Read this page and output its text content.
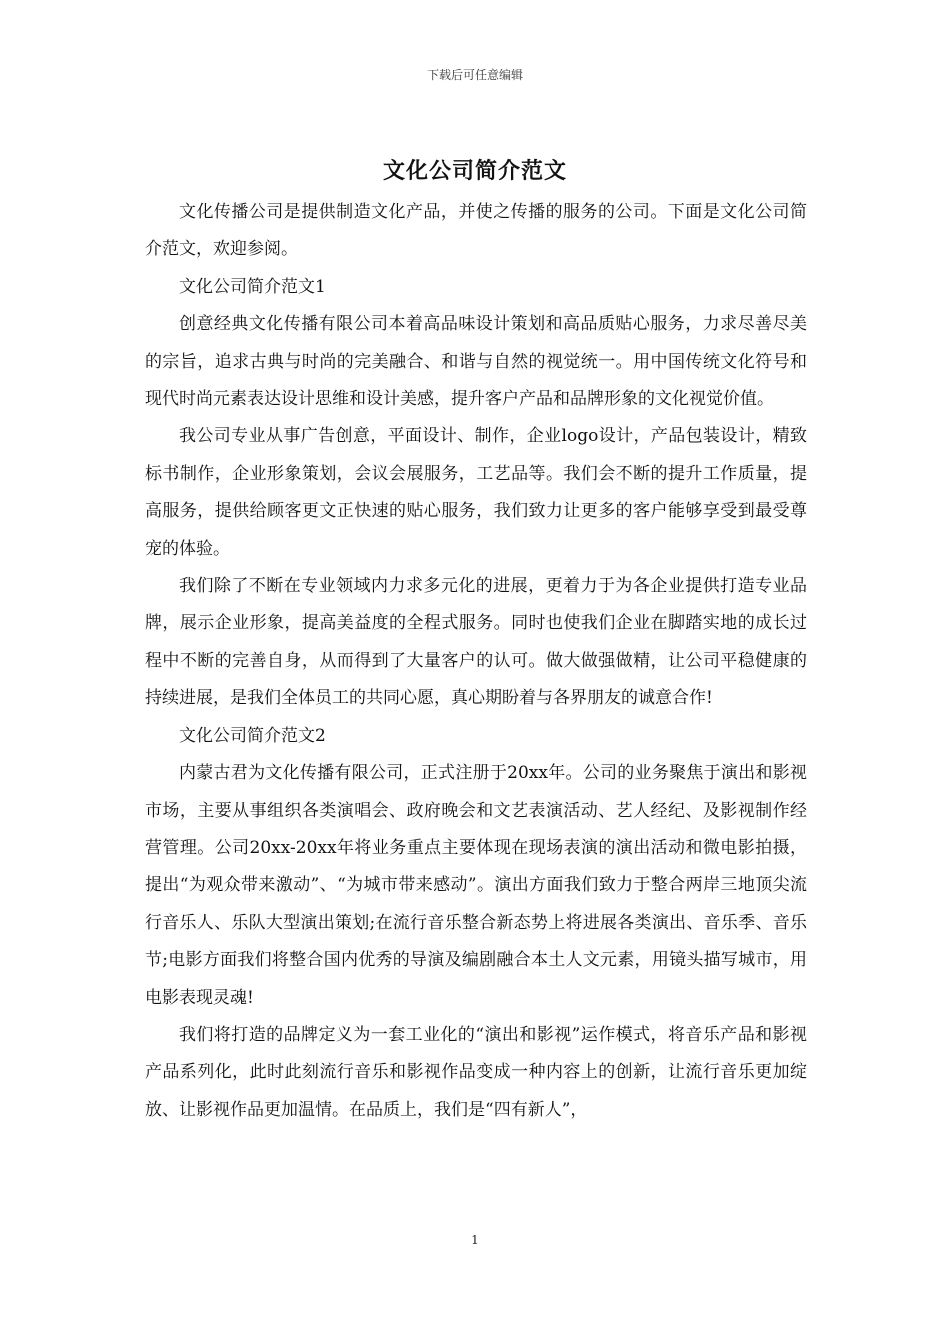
下载后可任意编辑
文化公司简介范文

文化传播公司是提供制造文化产品，并使之传播的服务的公司。下面是文化公司简介范文，欢迎参阅。

文化公司简介范文1

创意经典文化传播有限公司本着高品味设计策划和高品质贴心服务，力求尽善尽美的宗旨，追求古典与时尚的完美融合、和谐与自然的视觉统一。用中国传统文化符号和现代时尚元素表达设计思维和设计美感，提升客户产品和品牌形象的文化视觉价值。

我公司专业从事广告创意，平面设计、制作，企业logo设计，产品包装设计，精致标书制作，企业形象策划，会议会展服务，工艺品等。我们会不断的提升工作质量，提高服务，提供给顾客更文正快速的贴心服务，我们致力让更多的客户能够享受到最受尊宠的体验。

我们除了不断在专业领域内力求多元化的进展，更着力于为各企业提供打造专业品牌，展示企业形象，提高美益度的全程式服务。同时也使我们企业在脚踏实地的成长过程中不断的完善自身，从而得到了大量客户的认可。做大做强做精，让公司平稳健康的持续进展，是我们全体员工的共同心愿，真心期盼着与各界朋友的诚意合作!

文化公司简介范文2

内蒙古君为文化传播有限公司，正式注册于20xx年。公司的业务聚焦于演出和影视市场，主要从事组织各类演唱会、政府晚会和文艺表演活动、艺人经纪、及影视制作经营管理。公司20xx-20xx年将业务重点主要体现在现场表演的演出活动和微电影拍摄，提出“为观众带来激动”、“为城市带来感动”。演出方面我们致力于整合两岸三地顶尖流行音乐人、乐队大型演出策划;在流行音乐整合新态势上将进展各类演出、音乐季、音乐节;电影方面我们将整合国内优秀的导演及编剧融合本土人文元素，用镜头描写城市，用电影表现灵魂!

我们将打造的品牌定义为一套工业化的“演出和影视”运作模式，将音乐产品和影视产品系列化，此时此刻流行音乐和影视作品变成一种内容上的创新，让流行音乐更加绽放、让影视作品更加温情。在品质上，我们是“四有新人”，

1
